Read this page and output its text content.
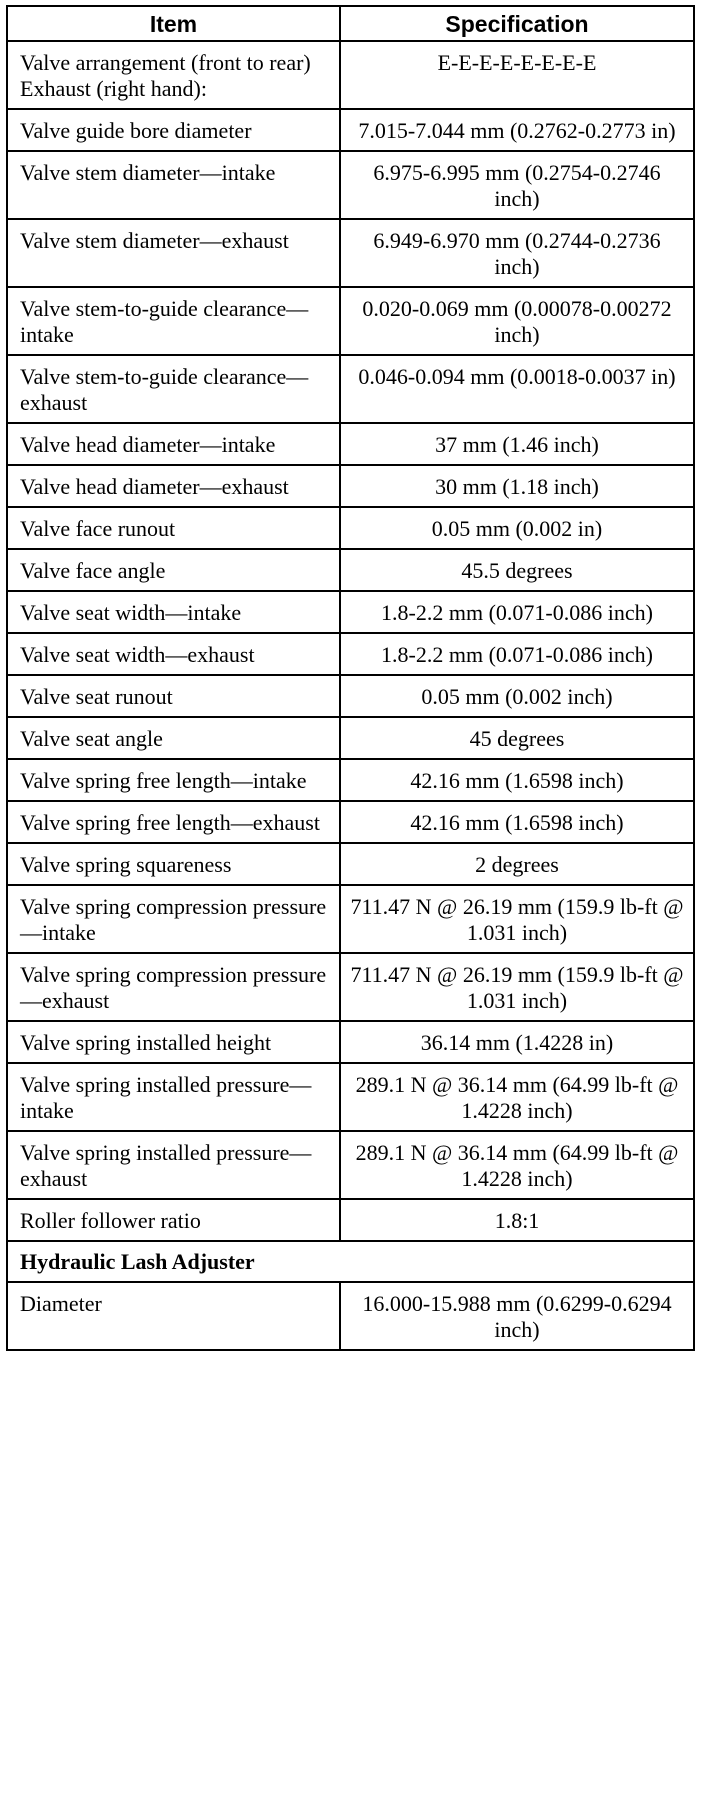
Item	Specification
Valve arrangement (front to rear) Exhaust (right hand):	E-E-E-E-E-E-E-E
Valve guide bore diameter	7.015-7.044 mm (0.2762-0.2773 in)
Valve stem diameter—intake	6.975-6.995 mm (0.2754-0.2746 inch)
Valve stem diameter—exhaust	6.949-6.970 mm (0.2744-0.2736 inch)
Valve stem-to-guide clearance—intake	0.020-0.069 mm (0.00078-0.00272 inch)
Valve stem-to-guide clearance—exhaust	0.046-0.094 mm (0.0018-0.0037 in)
Valve head diameter—intake	37 mm (1.46 inch)
Valve head diameter—exhaust	30 mm (1.18 inch)
Valve face runout	0.05 mm (0.002 in)
Valve face angle	45.5 degrees
Valve seat width—intake	1.8-2.2 mm (0.071-0.086 inch)
Valve seat width—exhaust	1.8-2.2 mm (0.071-0.086 inch)
Valve seat runout	0.05 mm (0.002 inch)
Valve seat angle	45 degrees
Valve spring free length—intake	42.16 mm (1.6598 inch)
Valve spring free length—exhaust	42.16 mm (1.6598 inch)
Valve spring squareness	2 degrees
Valve spring compression pressure—intake	711.47 N @ 26.19 mm (159.9 lb-ft @ 1.031 inch)
Valve spring compression pressure—exhaust	711.47 N @ 26.19 mm (159.9 lb-ft @ 1.031 inch)
Valve spring installed height	36.14 mm (1.4228 in)
Valve spring installed pressure—intake	289.1 N @ 36.14 mm (64.99 lb-ft @ 1.4228 inch)
Valve spring installed pressure—exhaust	289.1 N @ 36.14 mm (64.99 lb-ft @ 1.4228 inch)
Roller follower ratio	1.8:1
Hydraulic Lash Adjuster	
Diameter	16.000-15.988 mm (0.6299-0.6294 inch)
